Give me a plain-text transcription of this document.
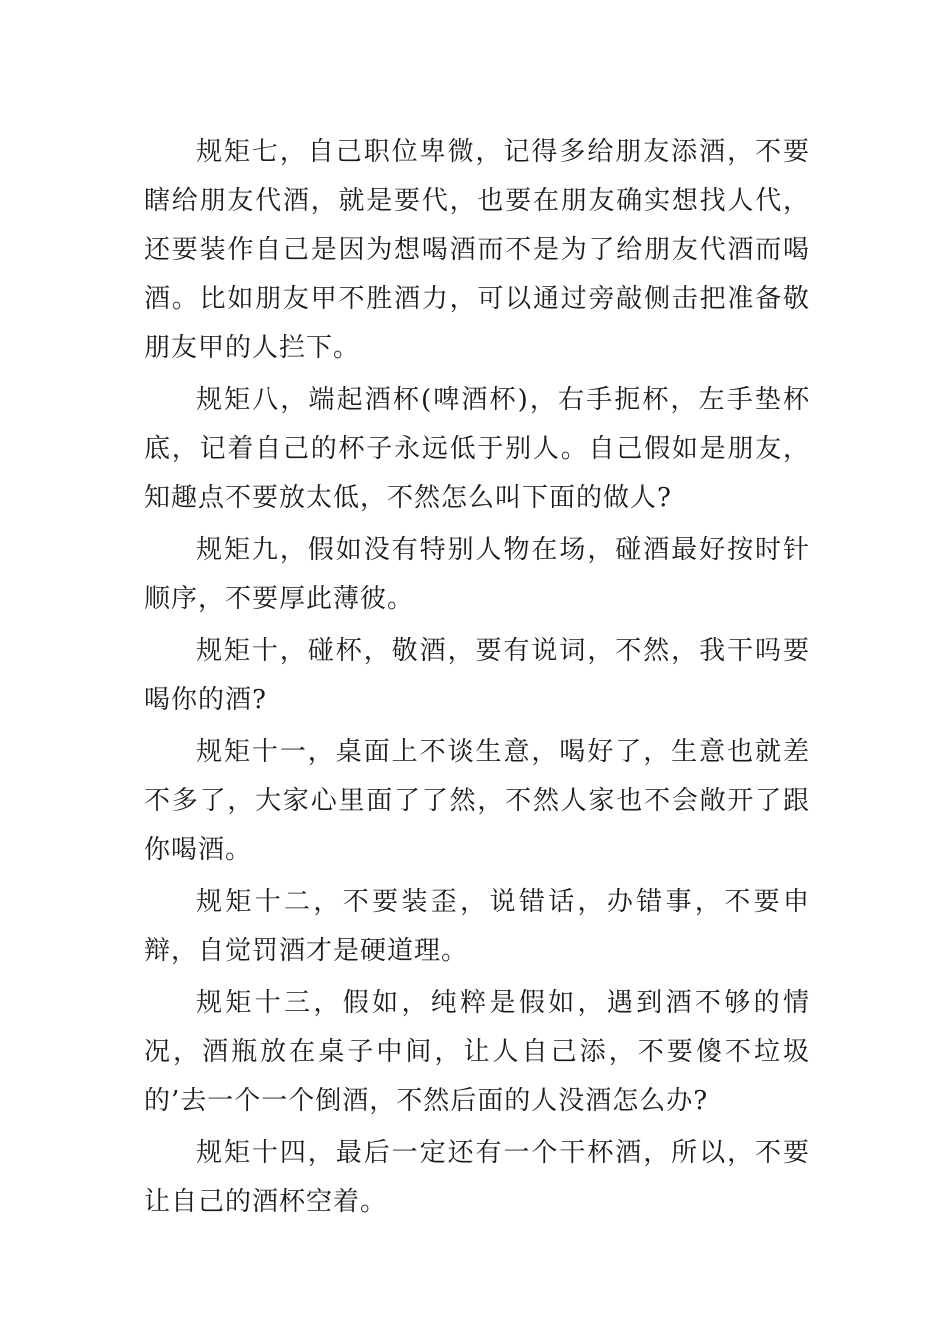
规矩七，自己职位卑微，记得多给朋友添酒，不要瞎给朋友代酒，就是要代，也要在朋友确实想找人代，还要装作自己是因为想喝酒而不是为了给朋友代酒而喝酒。比如朋友甲不胜酒力，可以通过旁敲侧击把准备敬朋友甲的人拦下。

规矩八，端起酒杯(啤酒杯)，右手扼杯，左手垫杯底，记着自己的杯子永远低于别人。自己假如是朋友，知趣点不要放太低，不然怎么叫下面的做人?

规矩九，假如没有特别人物在场，碰酒最好按时针顺序，不要厚此薄彼。

规矩十，碰杯，敬酒，要有说词，不然，我干吗要喝你的酒?

规矩十一，桌面上不谈生意，喝好了，生意也就差不多了，大家心里面了了然，不然人家也不会敞开了跟你喝酒。

规矩十二，不要装歪，说错话，办错事，不要申辩，自觉罚酒才是硬道理。

规矩十三，假如，纯粹是假如，遇到酒不够的情况，酒瓶放在桌子中间，让人自己添，不要傻不垃圾的’去一个一个倒酒，不然后面的人没酒怎么办?

规矩十四，最后一定还有一个干杯酒，所以，不要让自己的酒杯空着。
